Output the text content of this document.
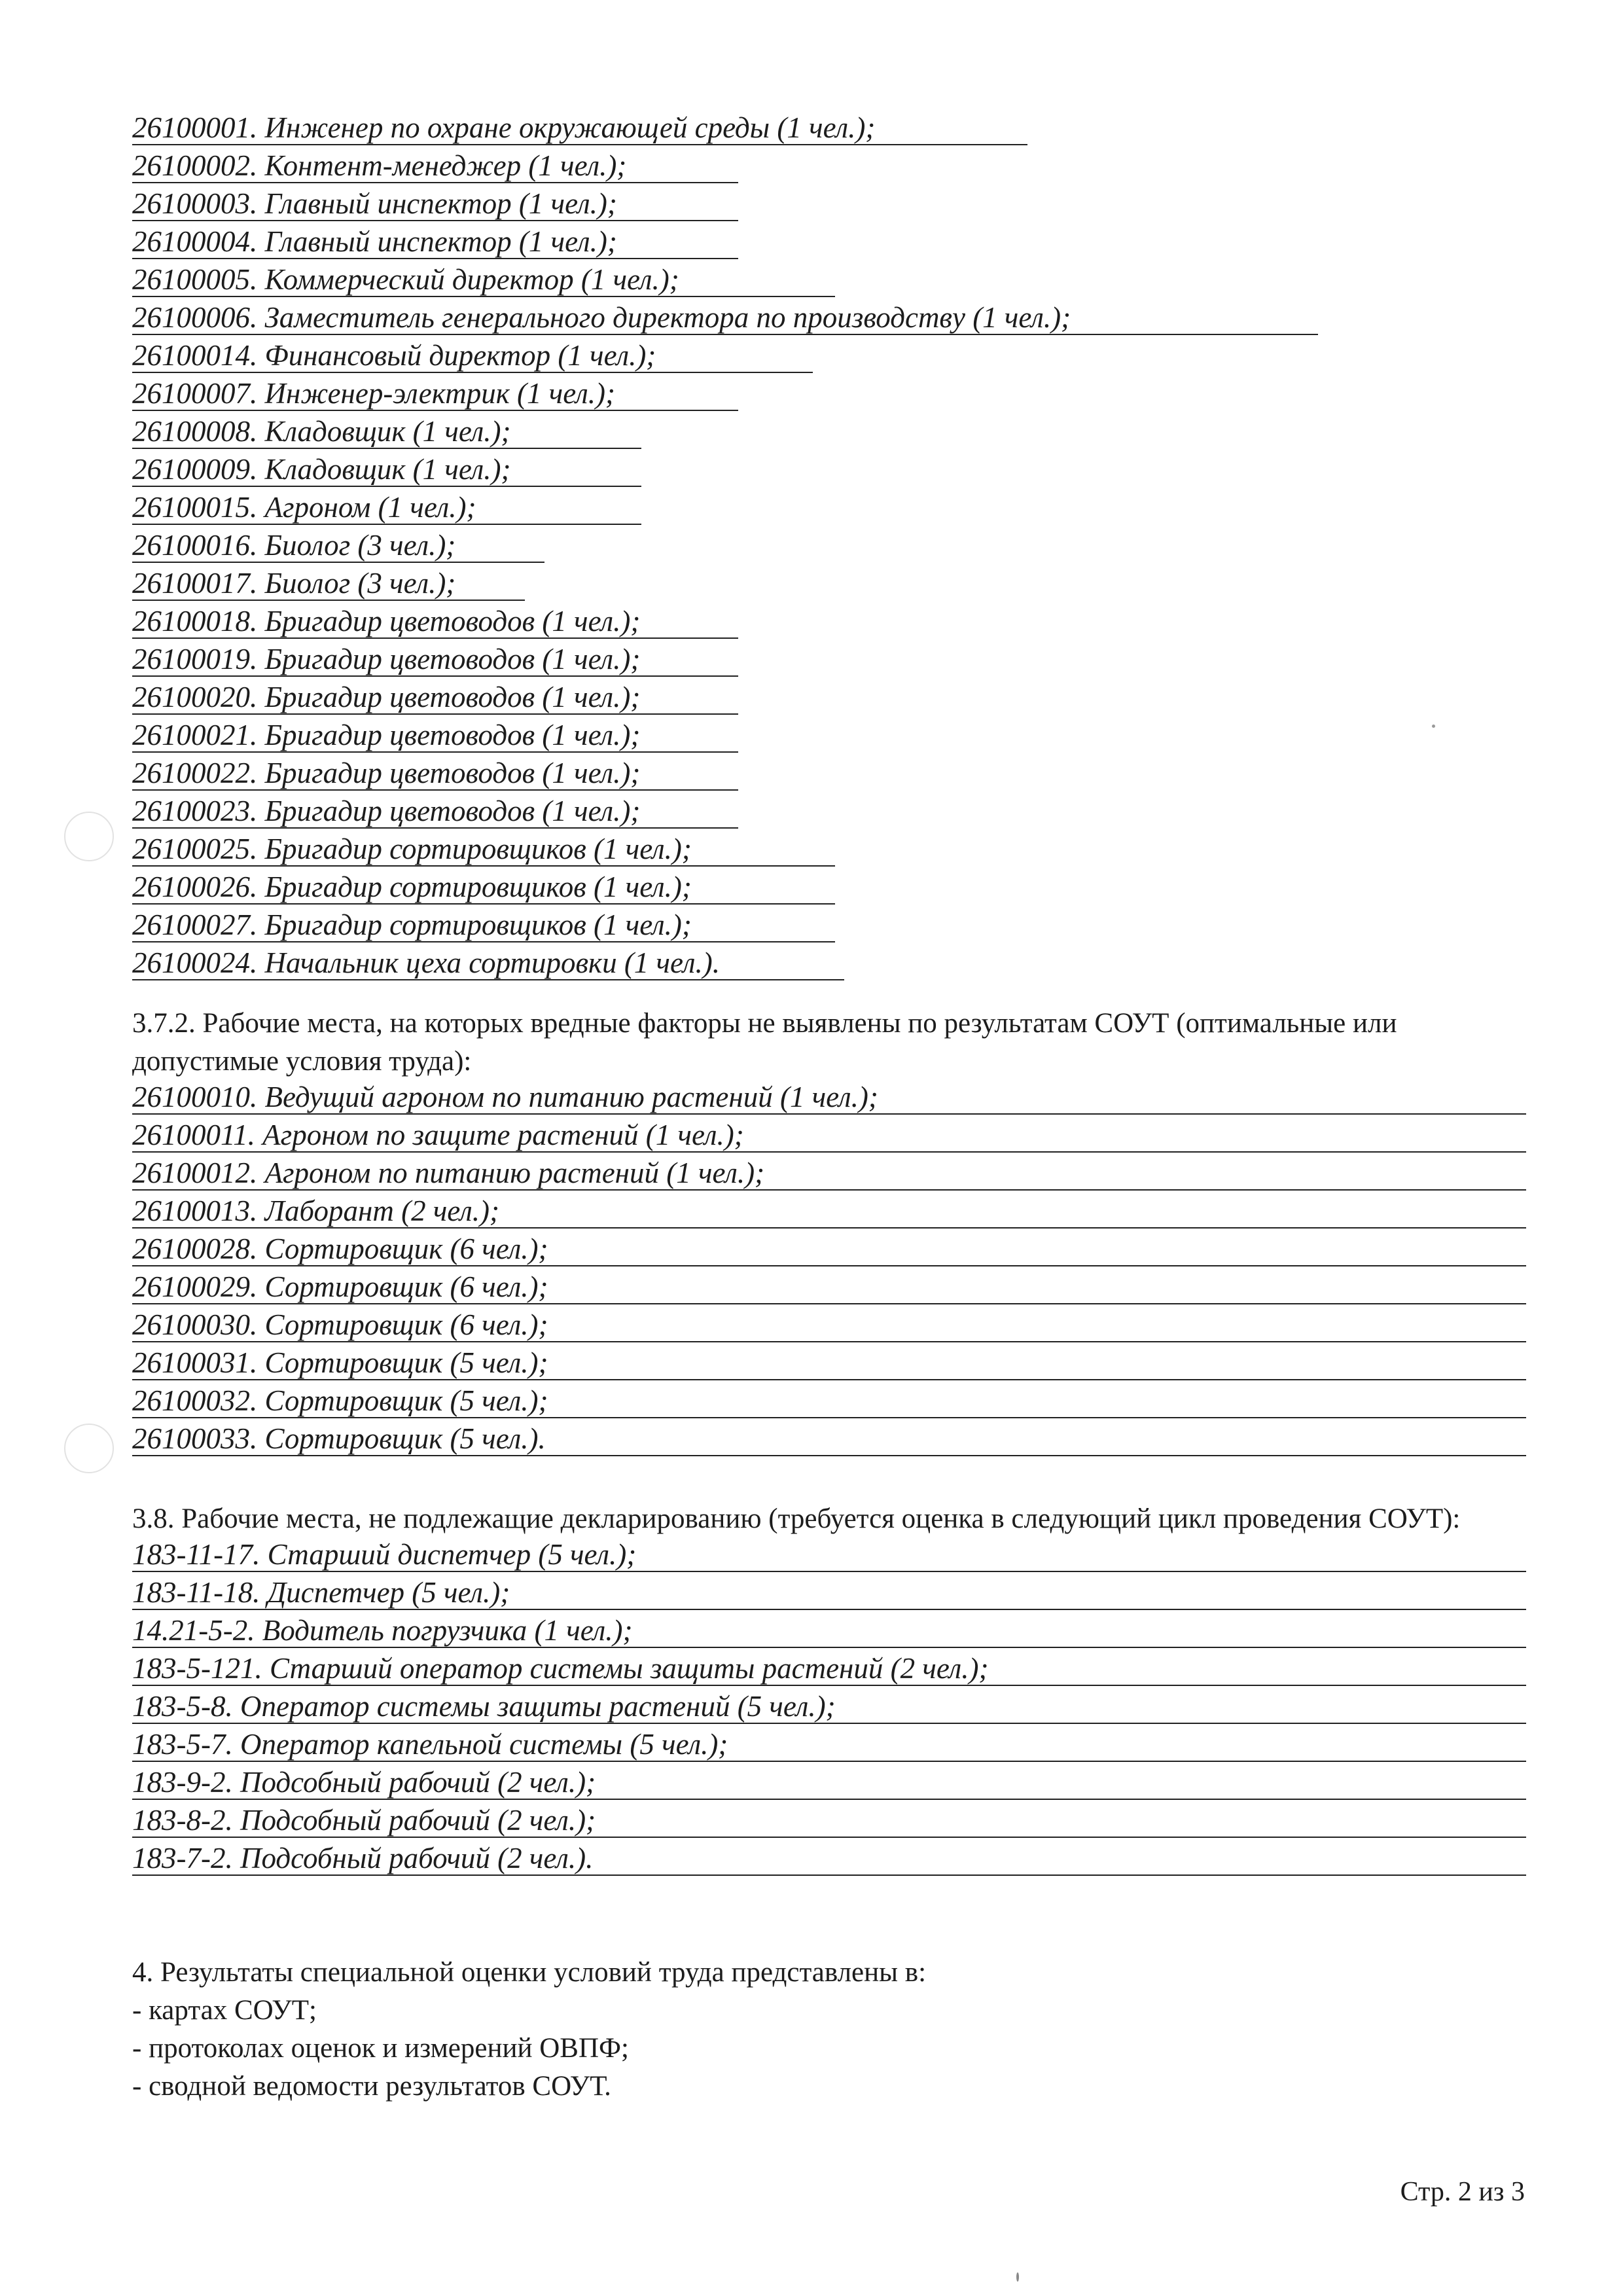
26100001. Инженер по охране окружающей среды (1 чел.);
26100002. Контент-менеджер (1 чел.);
26100003. Главный инспектор (1 чел.);
26100004. Главный инспектор (1 чел.);
26100005. Коммерческий директор (1 чел.);
26100006. Заместитель генерального директора по производству (1 чел.);
26100014. Финансовый директор (1 чел.);
26100007. Инженер-электрик (1 чел.);
26100008. Кладовщик (1 чел.);
26100009. Кладовщик (1 чел.);
26100015. Агроном (1 чел.);
26100016. Биолог (3 чел.);
26100017. Биолог (3 чел.);
26100018. Бригадир цветоводов (1 чел.);
26100019. Бригадир цветоводов (1 чел.);
26100020. Бригадир цветоводов (1 чел.);
26100021. Бригадир цветоводов (1 чел.);
26100022. Бригадир цветоводов (1 чел.);
26100023. Бригадир цветоводов (1 чел.);
26100025. Бригадир сортировщиков (1 чел.);
26100026. Бригадир сортировщиков (1 чел.);
26100027. Бригадир сортировщиков (1 чел.);
26100024. Начальник цеха сортировки (1 чел.).
3.7.2. Рабочие места, на которых вредные факторы не выявлены по результатам СОУТ (оптимальные или допустимые условия труда):
26100010. Ведущий агроном по питанию растений (1 чел.);
26100011. Агроном по защите растений (1 чел.);
26100012. Агроном по питанию растений (1 чел.);
26100013. Лаборант (2 чел.);
26100028. Сортировщик (6 чел.);
26100029. Сортировщик (6 чел.);
26100030. Сортировщик (6 чел.);
26100031. Сортировщик (5 чел.);
26100032. Сортировщик (5 чел.);
26100033. Сортировщик (5 чел.).
3.8. Рабочие места, не подлежащие декларированию (требуется оценка в следующий цикл проведения СОУТ):
183-11-17. Старший диспетчер (5 чел.);
183-11-18. Диспетчер (5 чел.);
14.21-5-2. Водитель погрузчика (1 чел.);
183-5-121. Старший оператор системы защиты растений (2 чел.);
183-5-8. Оператор системы защиты растений (5 чел.);
183-5-7. Оператор капельной системы (5 чел.);
183-9-2. Подсобный рабочий (2 чел.);
183-8-2. Подсобный рабочий (2 чел.);
183-7-2. Подсобный рабочий (2 чел.).
4. Результаты специальной оценки условий труда представлены в:
- картах СОУТ;
- протоколах оценок и измерений ОВПФ;
- сводной ведомости результатов СОУТ.
Стр. 2 из 3
